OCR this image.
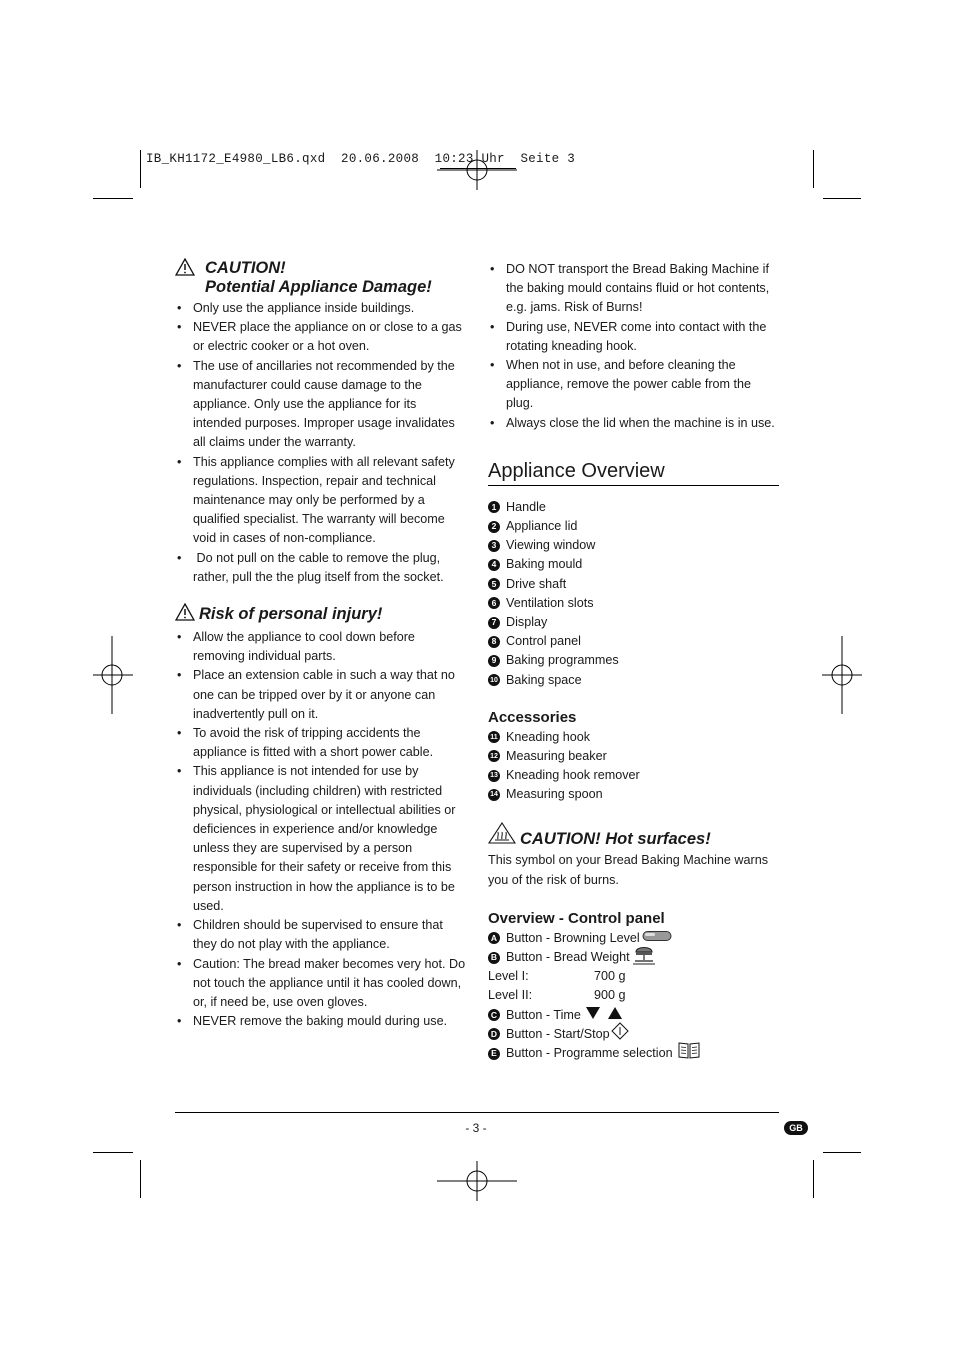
IB_KH1172_E4980_LB6.qxd  20.06.2008  10:23 Uhr  Seite 3
CAUTION!
Potential Appliance Damage!
• Only use the appliance inside buildings.
• NEVER place the appliance on or close to a gas or electric cooker or a hot oven.
• The use of ancillaries not recommended by the manufacturer could cause damage to the appliance. Only use the appliance for its intended purposes. Improper usage invalidates all claims under the warranty.
• This appliance complies with all relevant safety regulations. Inspection, repair and technical maintenance may only be performed by a qualified specialist. The warranty will become void in cases of non-compliance.
•  Do not pull on the cable to remove the plug, rather, pull the the plug itself from the socket.
Risk of personal injury!
• Allow the appliance to cool down before removing individual parts.
• Place an extension cable in such a way that no one can be tripped over by it or anyone can inadvertently pull on it.
• To avoid the risk of tripping accidents the appliance is fitted with a short power cable.
• This appliance is not intended for use by individuals (including children) with restricted physical, physiological or intellectual abilities or deficiences in experience and/or knowledge unless they are supervised by a person responsible for their safety or receive from this person instruction in how the appliance is to be used.
• Children should be supervised to ensure that they do not play with the appliance.
• Caution: The bread maker becomes very hot. Do not touch the appliance until it has cooled down, or, if need be, use oven gloves.
• NEVER remove the baking mould during use.
• DO NOT transport the Bread Baking Machine if the baking mould contains fluid or hot contents, e.g. jams. Risk of Burns!
• During use, NEVER come into contact with the rotating kneading hook.
• When not in use, and before cleaning the appliance, remove the power cable from the plug.
• Always close the lid when the machine is in use.
Appliance Overview
1 Handle
2 Appliance lid
3 Viewing window
4 Baking mould
5 Drive shaft
6 Ventilation slots
7 Display
8 Control panel
9 Baking programmes
10 Baking space
Accessories
11 Kneading hook
12 Measuring beaker
13 Kneading hook remover
14 Measuring spoon
CAUTION! Hot surfaces!
This symbol on your Bread Baking Machine warns you of the risk of burns.
Overview - Control panel
A Button - Browning Level
B Button - Bread Weight
Level I:	700 g
Level II:	900 g
C Button - Time
D Button - Start/Stop
E Button - Programme selection
- 3 -	GB
